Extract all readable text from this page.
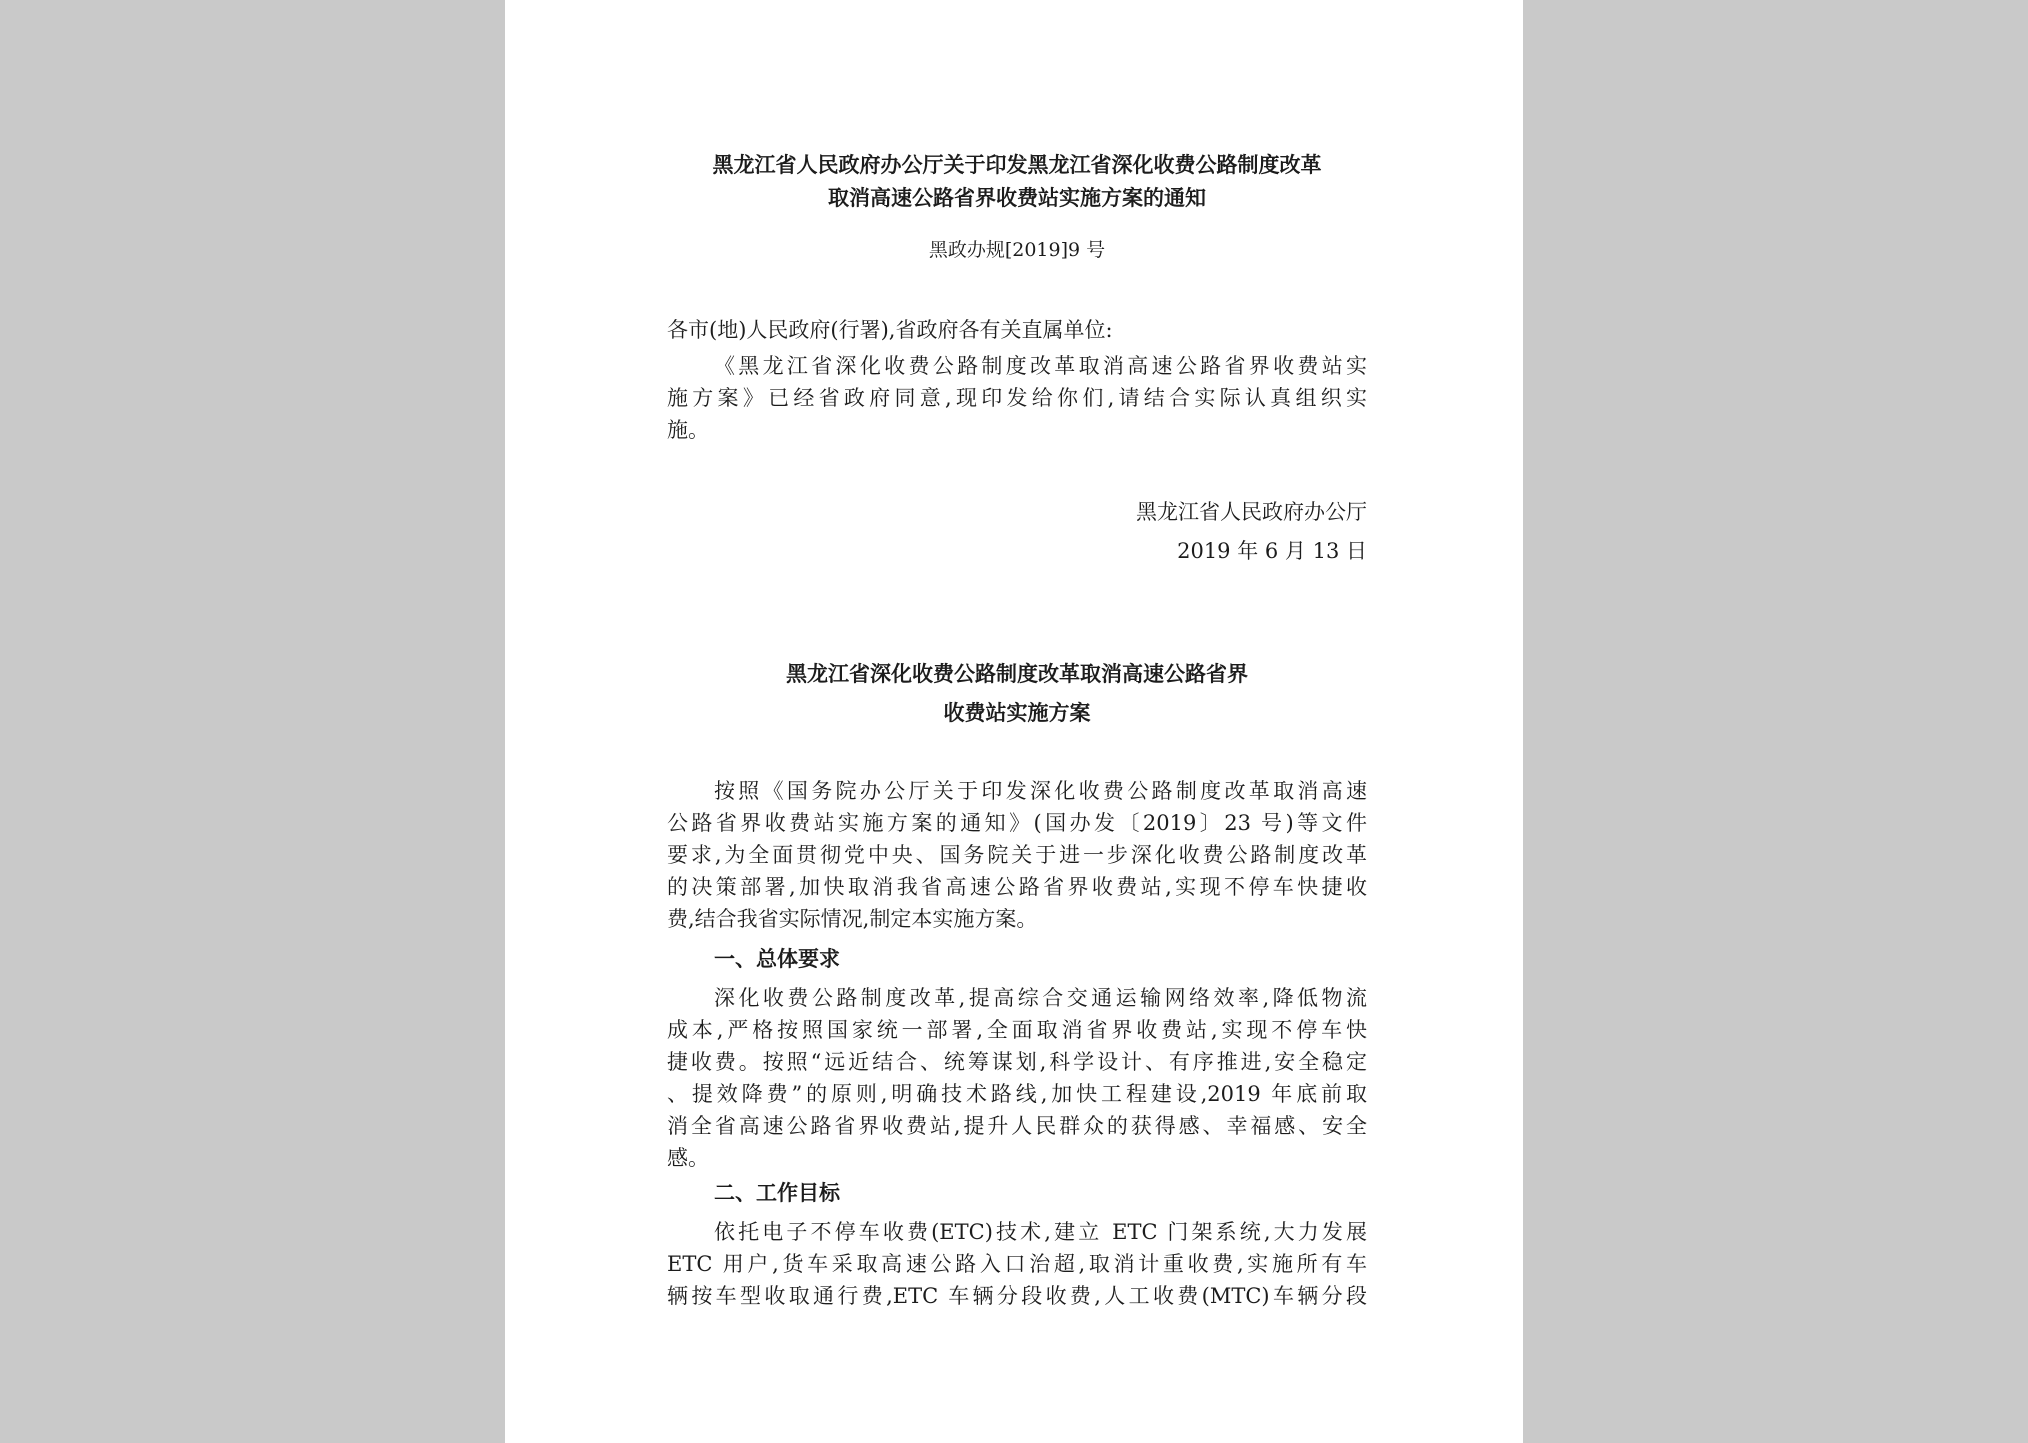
黑龙江省人民政府办公厅关于印发黑龙江省深化收费公路制度改革
取消高速公路省界收费站实施方案的通知
黑政办规[2019]9 号
各市(地)人民政府(行署),省政府各有关直属单位:
《黑龙江省深化收费公路制度改革取消高速公路省界收费站实
施方案》已经省政府同意,现印发给你们,请结合实际认真组织实
施。
黑龙江省人民政府办公厅
2019 年 6 月 13 日
黑龙江省深化收费公路制度改革取消高速公路省界
收费站实施方案
按照《国务院办公厅关于印发深化收费公路制度改革取消高速
公路省界收费站实施方案的通知》(国办发〔2019〕23 号)等文件
要求,为全面贯彻党中央、国务院关于进一步深化收费公路制度改革
的决策部署,加快取消我省高速公路省界收费站,实现不停车快捷收
费,结合我省实际情况,制定本实施方案。
一、总体要求
深化收费公路制度改革,提高综合交通运输网络效率,降低物流
成本,严格按照国家统一部署,全面取消省界收费站,实现不停车快
捷收费。按照“远近结合、统筹谋划,科学设计、有序推进,安全稳定
、提效降费”的原则,明确技术路线,加快工程建设,2019 年底前取
消全省高速公路省界收费站,提升人民群众的获得感、幸福感、安全
感。
二、工作目标
依托电子不停车收费(ETC)技术,建立 ETC 门架系统,大力发展
ETC 用户,货车采取高速公路入口治超,取消计重收费,实施所有车
辆按车型收取通行费,ETC 车辆分段收费,人工收费(MTC)车辆分段
